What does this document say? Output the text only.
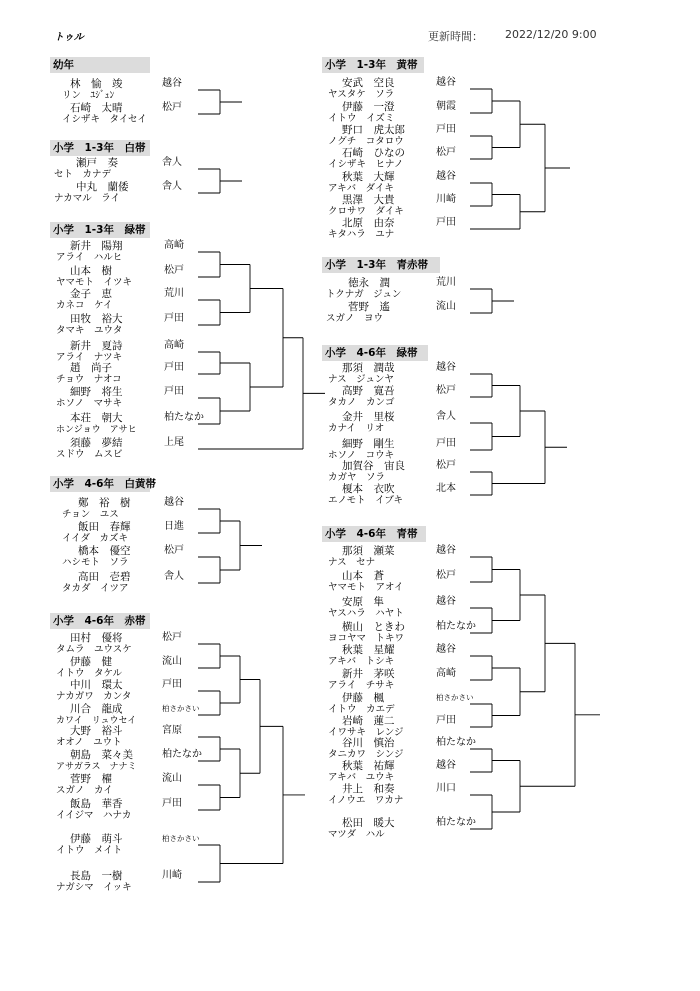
トゥル	更新時間： 2022/12/20 9:00
幼年
林　愉　竣	越谷
リン　ﾕｼﾞｭﾝ
石崎　太晴	松戸
イシザキ　タイセイ
小学　1-3年　白帯
瀬戸　奏	舎人
セト　カナデ
中丸　蘭倭	舎人
ナカマル　ライ
小学　1-3年　緑帯
新井　陽翔	高崎
アライ　ハルヒ
山本　樹	松戸
ヤマモト　イツキ
金子　恵	荒川
カネコ　ケイ
田牧　裕大	戸田
タマキ　ユウタ
新井　夏詩	高崎
アライ　ナツキ
趙　尚子	戸田
チョウ　ナオコ
細野　将生	戸田
ホソノ　マサキ
本荘　朝大	柏たなか
ホンジョウ　アサヒ
須藤　夢結	上尾
スドウ　ムスビ
小学　4-6年　白黄帯
鄭　裕　樹	越谷
チョン　ユス
飯田　春輝	日進
イイダ　カズキ
橋本　優空	松戸
ハシモト　ソラ
高田　壱碧	舎人
タカダ　イツア
小学　4-6年　赤帯
田村　優将	松戸
タムラ　ユウスケ
伊藤　健	流山
イトウ　タケル
中川　環太	戸田
ナカガワ　カンタ
川合　龍成	柏さかさい
カワイ　リュウセイ
大野　裕斗	宮原
オオノ　ユウト
朝島　菜々美	柏たなか
アサガラス　ナナミ
菅野　櫂	流山
スガノ　カイ
飯島　華香	戸田
イイジマ　ハナカ
伊藤　萌斗	柏さかさい
イトウ　メイト
長島　一樹	川崎
ナガシマ　イッキ
小学　1-3年　黄帯
安武　空良	越谷
ヤスタケ　ソラ
伊藤　一澄	朝霞
イトウ　イズミ
野口　虎太郎	戸田
ノグチ　コタロウ
石崎　ひなの	松戸
イシザキ　ヒナノ
秋葉　大輝	越谷
アキバ　ダイキ
黒澤　大貴	川崎
クロサワ　ダイキ
北原　由奈	戸田
キタハラ　ユナ
小学　1-3年　青赤帯
徳永　潤	荒川
トクナガ　ジュン
菅野　遙	流山
スガノ　ヨウ
小学　4-6年　緑帯
那須　潤哉	越谷
ナス　ジュンヤ
高野　寛吾	松戸
タカノ　カンゴ
金井　里桜	舎人
カナイ　リオ
細野　剛生	戸田
ホソノ　コウキ
加賀谷　宙良	松戸
カガヤ　ソラ
榎本　衣吹	北本
エノモト　イブキ
小学　4-6年　青帯
那須　瀬菜	越谷
ナス　セナ
山本　蒼	松戸
ヤマモト　アオイ
安原　隼	越谷
ヤスハラ　ハヤト
横山　ときわ	柏たなか
ヨコヤマ　トキワ
秋葉　星耀	越谷
アキバ　トシキ
新井　茅咲	高崎
アライ　チサキ
伊藤　楓	柏さかさい
イトウ　カエデ
岩崎　蓮二	戸田
イワサキ　レンジ
谷川　慎治	柏たなか
タニカワ　シンジ
秋葉　祐輝	越谷
アキバ　ユウキ
井上　和奏	川口
イノウエ　ワカナ
松田　暖大	柏たなか
マツダ　ハル
